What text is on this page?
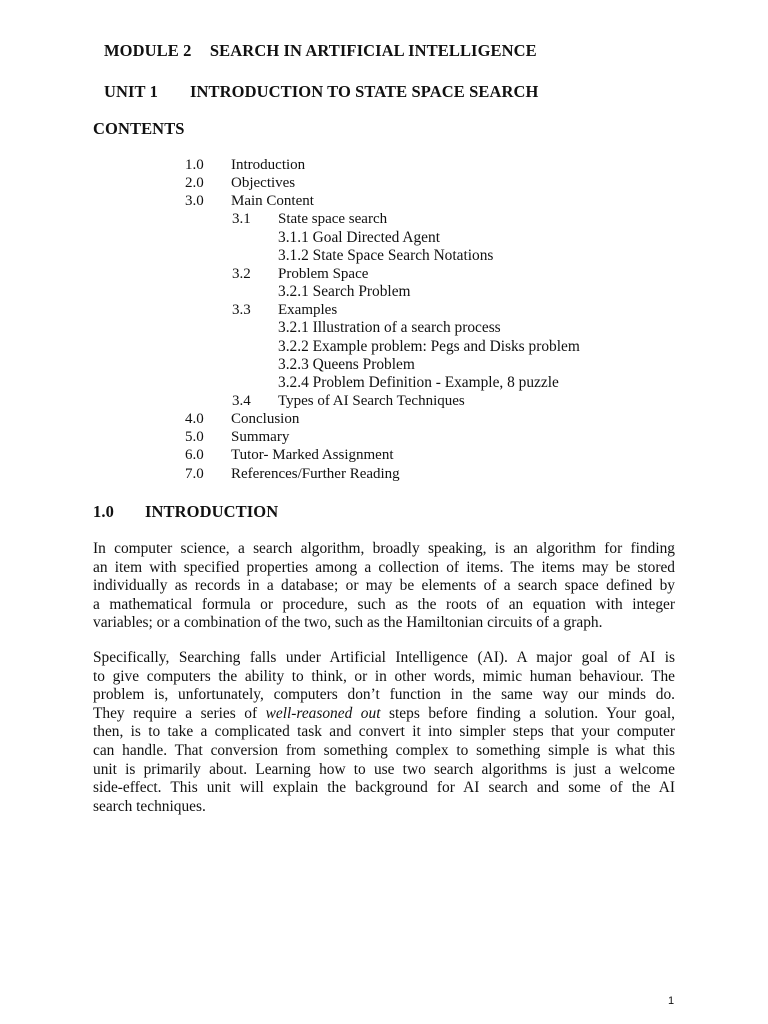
MODULE 2 SEARCH IN ARTIFICIAL INTELLIGENCE
UNIT 1 INTRODUCTION TO STATE SPACE SEARCH
CONTENTS
1.0 Introduction
2.0 Objectives
3.0 Main Content
3.1 State space search
3.1.1 Goal Directed Agent
3.1.2 State Space Search Notations
3.2 Problem Space
3.2.1 Search Problem
3.3 Examples
3.2.1 Illustration of a search process
3.2.2 Example problem: Pegs and Disks problem
3.2.3 Queens Problem
3.2.4 Problem Definition - Example, 8 puzzle
3.4 Types of AI Search Techniques
4.0 Conclusion
5.0 Summary
6.0 Tutor- Marked Assignment
7.0 References/Further Reading
1.0 INTRODUCTION
In computer science, a search algorithm, broadly speaking, is an algorithm for finding
an item with specified properties among a collection of items. The items may be stored
individually as records in a database; or may be elements of a search space defined by
a mathematical formula or procedure, such as the roots of an equation with integer
variables; or a combination of the two, such as the Hamiltonian circuits of a graph.
Specifically, Searching falls under Artificial Intelligence (AI). A major goal of AI is
to give computers the ability to think, or in other words, mimic human behaviour. The
problem is, unfortunately, computers don’t function in the same way our minds do.
They require a series of well-reasoned out steps before finding a solution. Your goal,
then, is to take a complicated task and convert it into simpler steps that your computer
can handle. That conversion from something complex to something simple is what this
unit is primarily about. Learning how to use two search algorithms is just a welcome
side-effect. This unit will explain the background for AI search and some of the AI
search techniques.
1
